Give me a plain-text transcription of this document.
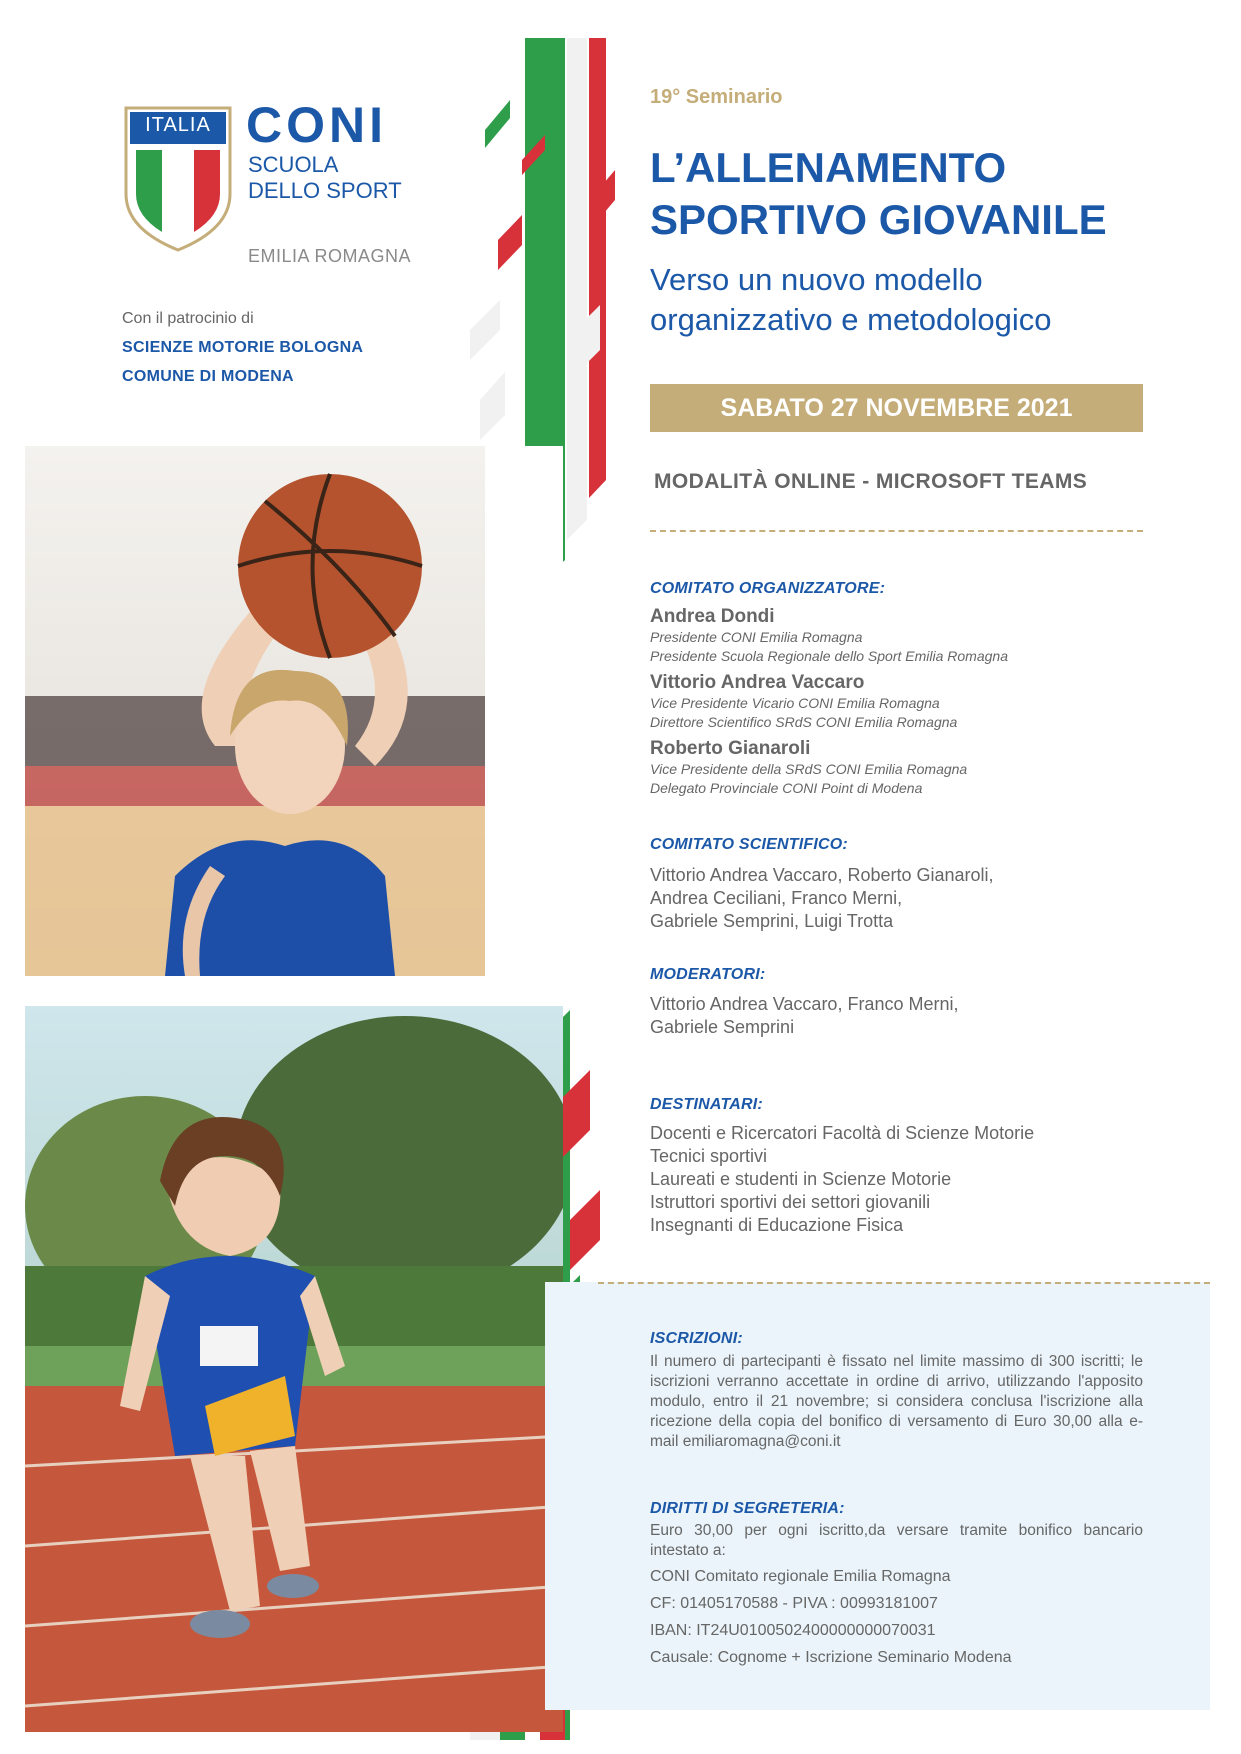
ITALIA CONI
SCUOLA
DELLO SPORT
EMILIA ROMAGNA
Con il patrocinio di
SCIENZE MOTORIE BOLOGNA
COMUNE DI MODENA
19° Seminario
L’ALLENAMENTO
SPORTIVO GIOVANILE
Verso un nuovo modello
organizzativo e metodologico
SABATO 27 NOVEMBRE 2021
MODALITÀ ONLINE - MICROSOFT TEAMS
COMITATO ORGANIZZATORE:
Andrea Dondi
Presidente CONI Emilia Romagna
Presidente Scuola Regionale dello Sport Emilia Romagna
Vittorio Andrea Vaccaro
Vice Presidente Vicario CONI Emilia Romagna
Direttore Scientifico SRdS CONI Emilia Romagna
Roberto Gianaroli
Vice Presidente della SRdS CONI Emilia Romagna
Delegato Provinciale CONI Point di Modena
COMITATO SCIENTIFICO:
Vittorio Andrea Vaccaro, Roberto Gianaroli,
Andrea Ceciliani, Franco Merni,
Gabriele Semprini, Luigi Trotta
MODERATORI:
Vittorio Andrea Vaccaro, Franco Merni,
Gabriele Semprini
DESTINATARI:
Docenti e Ricercatori Facoltà di Scienze Motorie
Tecnici sportivi
Laureati e studenti in Scienze Motorie
Istruttori sportivi dei settori giovanili
Insegnanti di Educazione Fisica
ISCRIZIONI:
Il numero di partecipanti è fissato nel limite massimo di 300 iscritti; le iscrizioni verranno accettate in ordine di arrivo, utilizzando l'apposito modulo, entro il 21 novembre; si considera conclusa l'iscrizione alla ricezione della copia del bonifico di versamento di Euro 30,00 alla e-mail emiliaromagna@coni.it
DIRITTI DI SEGRETERIA:
Euro 30,00 per ogni iscritto,da versare tramite bonifico bancario intestato a:
CONI Comitato regionale Emilia Romagna
CF: 01405170588 - PIVA : 00993181007
IBAN: IT24U0100502400000000070031
Causale: Cognome + Iscrizione Seminario Modena
